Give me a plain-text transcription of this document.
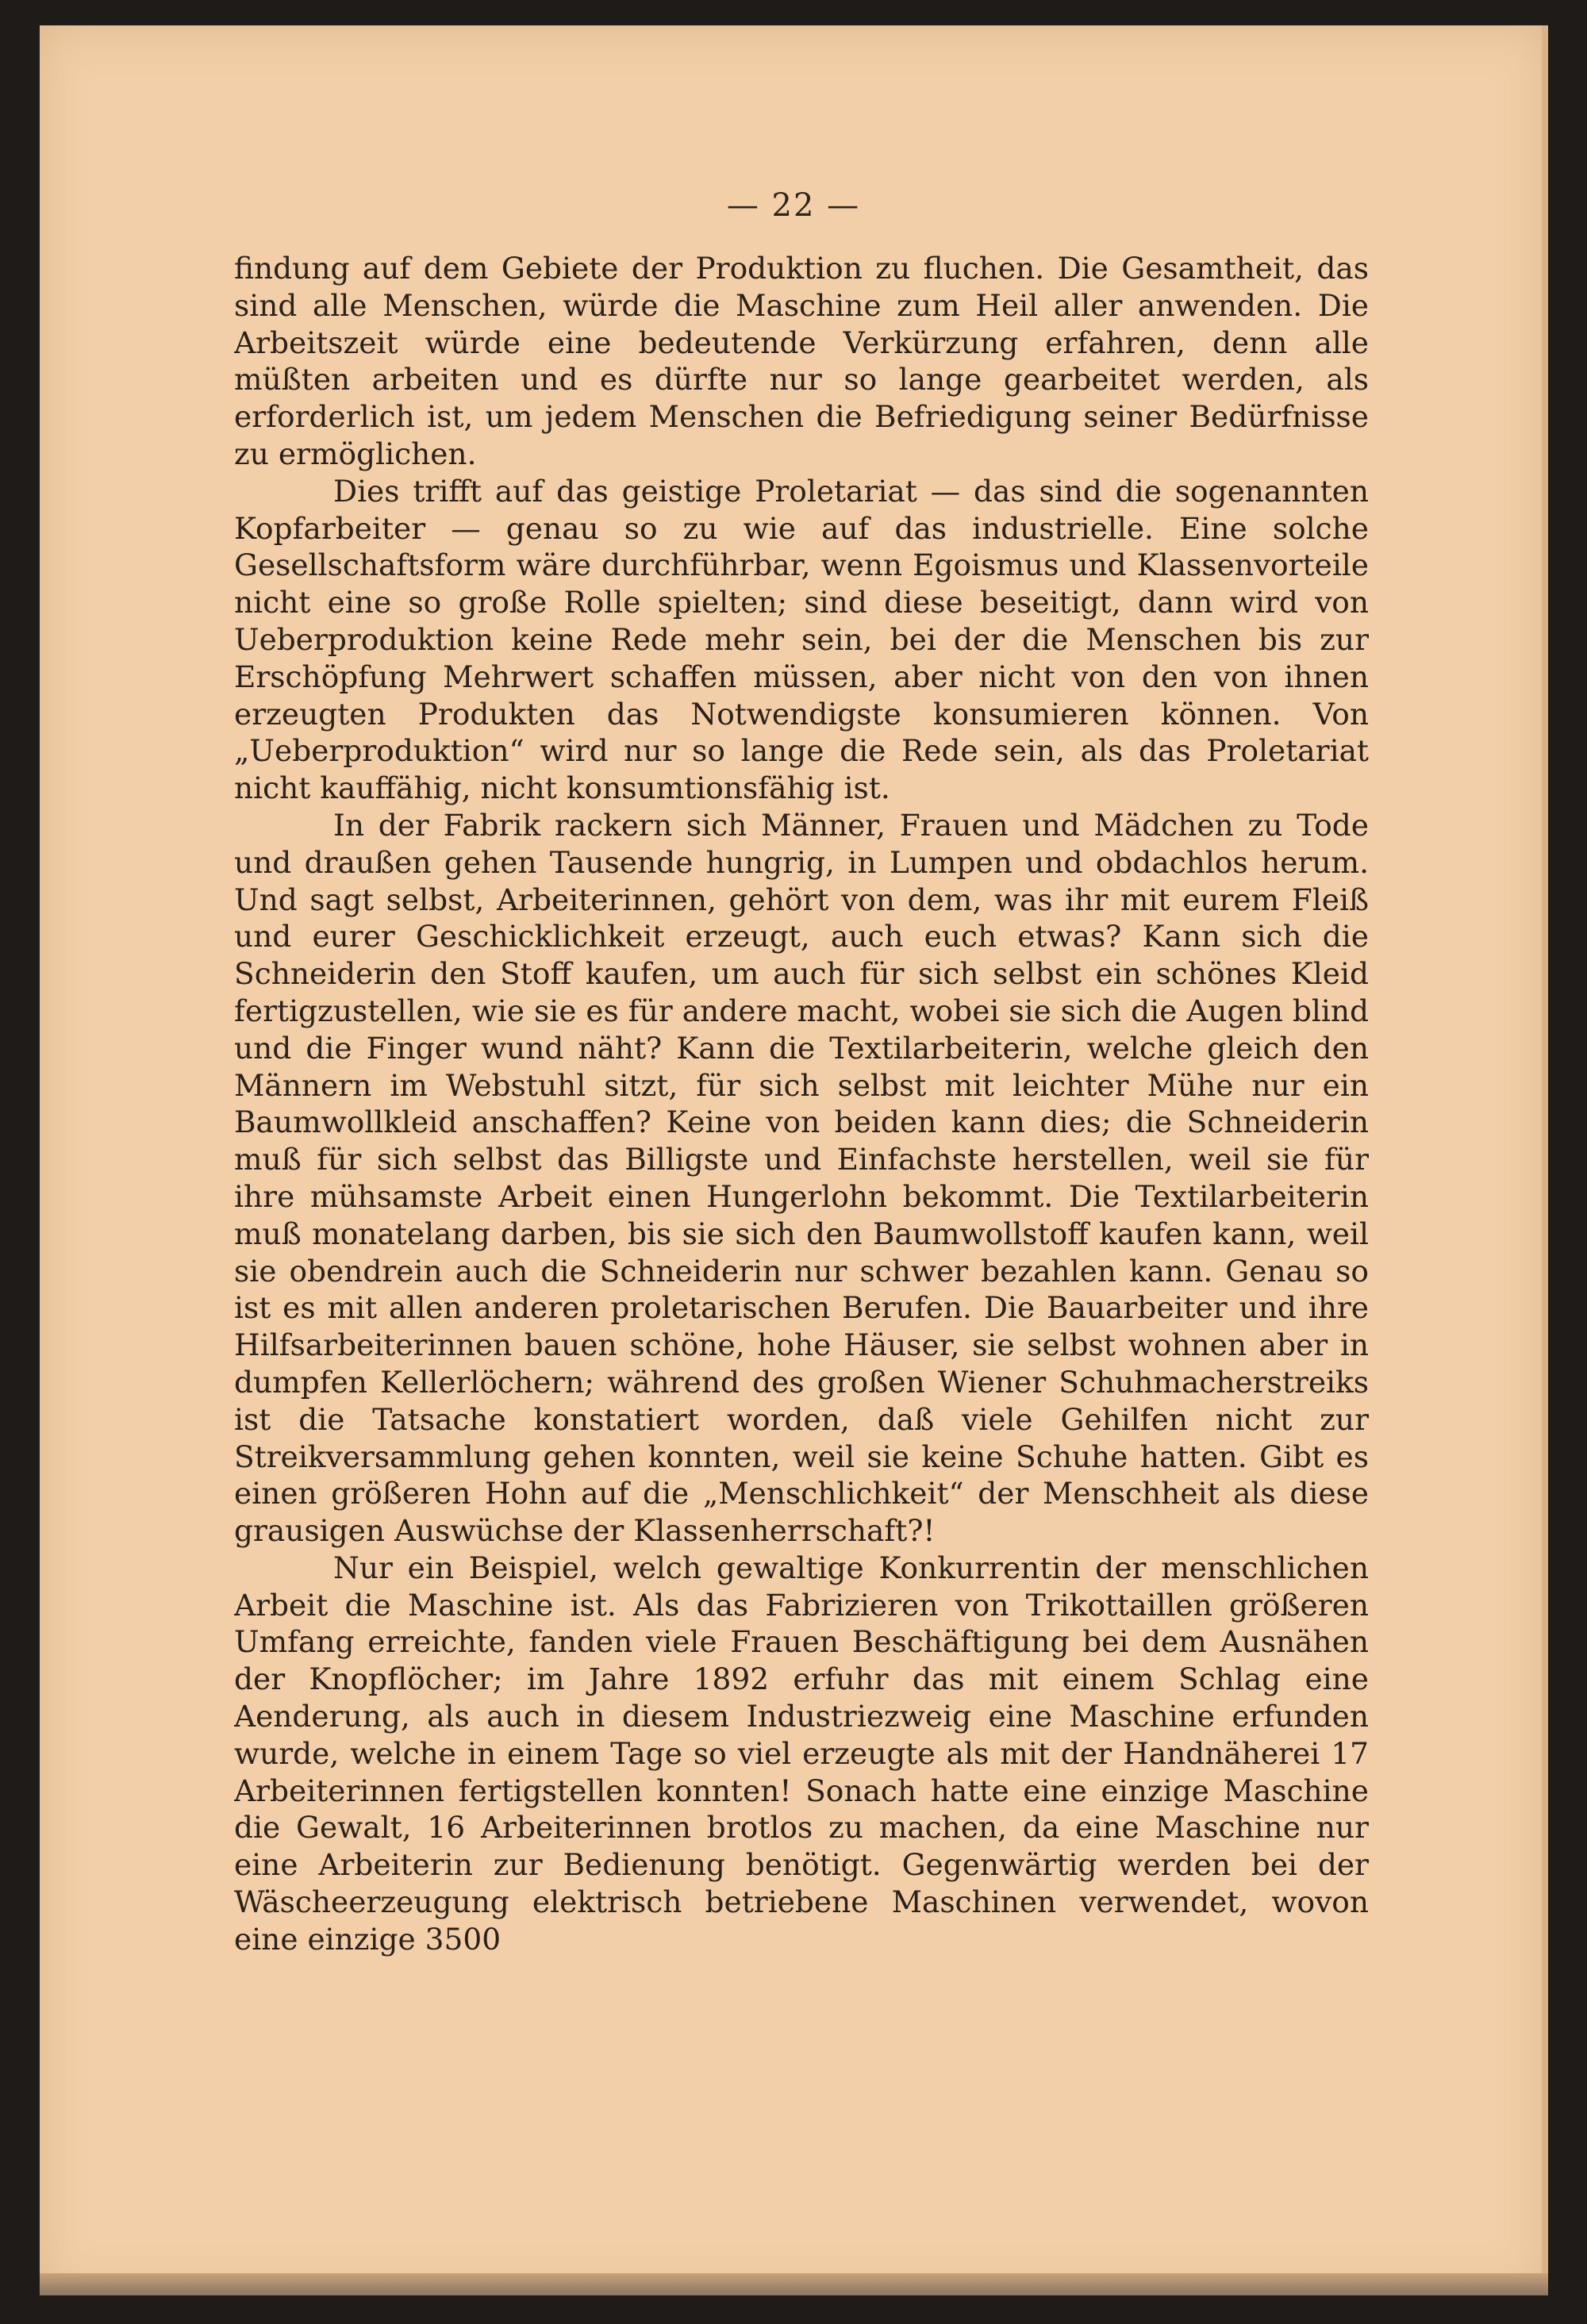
— 22 —

findung auf dem Gebiete der Produktion zu fluchen. Die Gesamtheit, das sind alle Menschen, würde die Maschine zum Heil aller anwenden. Die Arbeitszeit würde eine bedeutende Verkürzung erfahren, denn alle müßten arbeiten und es dürfte nur so lange gearbeitet werden, als erforderlich ist, um jedem Menschen die Befriedigung seiner Bedürfnisse zu ermöglichen.

Dies trifft auf das geistige Proletariat — das sind die sogenannten Kopfarbeiter — genau so zu wie auf das industrielle. Eine solche Gesellschaftsform wäre durchführbar, wenn Egoismus und Klassenvorteile nicht eine so große Rolle spielten; sind diese beseitigt, dann wird von Ueberproduktion keine Rede mehr sein, bei der die Menschen bis zur Erschöpfung Mehrwert schaffen müssen, aber nicht von den von ihnen erzeugten Produkten das Notwendigste konsumieren können. Von „Ueberproduktion“ wird nur so lange die Rede sein, als das Proletariat nicht kauffähig, nicht konsumtionsfähig ist.

In der Fabrik rackern sich Männer, Frauen und Mädchen zu Tode und draußen gehen Tausende hungrig, in Lumpen und obdachlos herum. Und sagt selbst, Arbeiterinnen, gehört von dem, was ihr mit eurem Fleiß und eurer Geschicklichkeit erzeugt, auch euch etwas? Kann sich die Schneiderin den Stoff kaufen, um auch für sich selbst ein schönes Kleid fertigzustellen, wie sie es für andere macht, wobei sie sich die Augen blind und die Finger wund näht? Kann die Textilarbeiterin, welche gleich den Männern im Webstuhl sitzt, für sich selbst mit leichter Mühe nur ein Baumwollkleid anschaffen? Keine von beiden kann dies; die Schneiderin muß für sich selbst das Billigste und Einfachste herstellen, weil sie für ihre mühsamste Arbeit einen Hungerlohn bekommt. Die Textilarbeiterin muß monatelang darben, bis sie sich den Baumwollstoff kaufen kann, weil sie obendrein auch die Schneiderin nur schwer bezahlen kann. Genau so ist es mit allen anderen proletarischen Berufen. Die Bauarbeiter und ihre Hilfsarbeiterinnen bauen schöne, hohe Häuser, sie selbst wohnen aber in dumpfen Kellerlöchern; während des großen Wiener Schuhmacherstreiks ist die Tatsache konstatiert worden, daß viele Gehilfen nicht zur Streikversammlung gehen konnten, weil sie keine Schuhe hatten. Gibt es einen größeren Hohn auf die „Menschlichkeit“ der Menschheit als diese grausigen Auswüchse der Klassenherrschaft?!

Nur ein Beispiel, welch gewaltige Konkurrentin der menschlichen Arbeit die Maschine ist. Als das Fabrizieren von Trikottaillen größeren Umfang erreichte, fanden viele Frauen Beschäftigung bei dem Ausnähen der Knopflöcher; im Jahre 1892 erfuhr das mit einem Schlag eine Aenderung, als auch in diesem Industriezweig eine Maschine erfunden wurde, welche in einem Tage so viel erzeugte als mit der Handnäherei 17 Arbeiterinnen fertigstellen konnten! Sonach hatte eine einzige Maschine die Gewalt, 16 Arbeiterinnen brotlos zu machen, da eine Maschine nur eine Arbeiterin zur Bedienung benötigt. Gegenwärtig werden bei der Wäscheerzeugung elektrisch betriebene Maschinen verwendet, wovon eine einzige 3500
